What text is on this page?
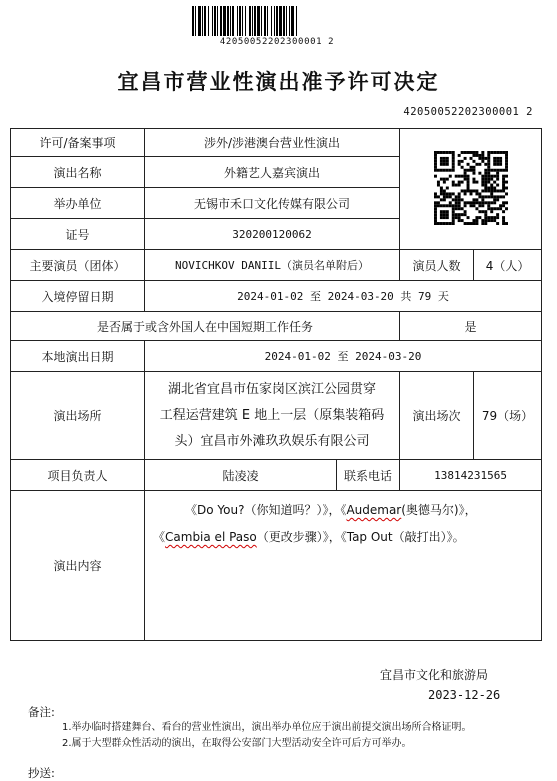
42050052202300001 2
宜昌市营业性演出准予许可决定
42050052202300001 2
许可/备案事项	涉外/涉港澳台营业性演出	
演出名称	外籍艺人嘉宾演出			
举办单位	无锡市禾口文化传媒有限公司			
证号	320200120062			
主要演员（团体）	NOVICHKOV DANIIL（演员名单附后）		演员人数	4（人）
入境停留日期	2024-01-02 至 2024-03-20 共 79 天			
是否属于或含外国人在中国短期工作任务			是	
本地演出日期	2024-01-02 至 2024-03-20			
演出场所	湖北省宜昌市伍家岗区滨江公园贯穿
工程运营建筑 E 地上一层（原集装箱码
头）宜昌市外滩玖玖娱乐有限公司		演出场次	79（场）
项目负责人	陆凌凌	联系电话	13814231565	
演出内容	《Do You?（你知道吗？）》，《Audemar(奥德马尔)》，
《Cambia el Paso（更改步骤）》，《Tap Out（敲打出）》。			
宜昌市文化和旅游局
2023-12-26
备注:
1.举办临时搭建舞台、看台的营业性演出，演出举办单位应于演出前提交演出场所合格证明。
2.属于大型群众性活动的演出，在取得公安部门大型活动安全许可后方可举办。
抄送:
